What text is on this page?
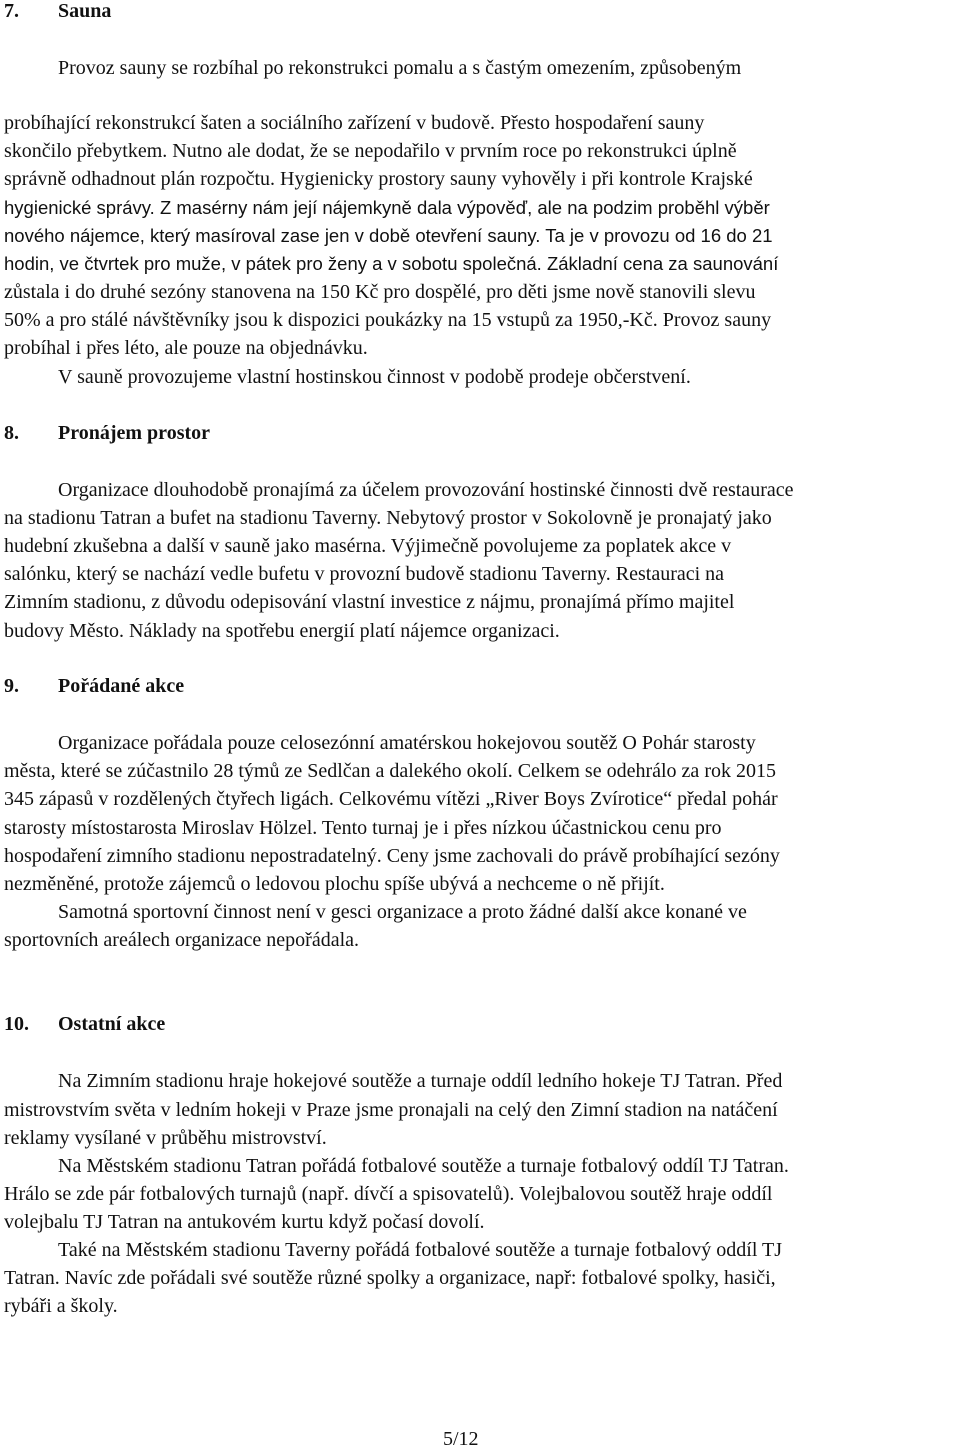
7. Sauna
Provoz sauny se rozbíhal po rekonstrukci pomalu a s častým omezením, způsobeným
probíhající rekonstrukcí šaten a sociálního zařízení v budově. Přesto hospodaření sauny
skončilo přebytkem. Nutno ale dodat, že se nepodařilo v prvním roce po rekonstrukci úplně
správně odhadnout plán rozpočtu. Hygienicky prostory sauny vyhověly i při kontrole Krajské
hygienické správy. Z masérny nám její nájemkyně dala výpověď, ale na podzim proběhl výběr
nového nájemce, který masíroval zase jen v době otevření sauny. Ta je v provozu od 16 do 21
hodin, ve čtvrtek pro muže, v pátek pro ženy a v sobotu společná. Základní cena za saunování
zůstala i do druhé sezóny stanovena na 150 Kč pro dospělé, pro děti jsme nově stanovili slevu
50% a pro stálé návštěvníky jsou k dispozici poukázky na 15 vstupů za 1950,-Kč. Provoz sauny
probíhal i přes léto, ale pouze na objednávku.
V sauně provozujeme vlastní hostinskou činnost v podobě prodeje občerstvení.
8. Pronájem prostor
Organizace dlouhodobě pronajímá za účelem provozování hostinské činnosti dvě restaurace
na stadionu Tatran a bufet na stadionu Taverny. Nebytový prostor v Sokolovně je pronajatý jako
hudební zkušebna a další v sauně jako masérna. Výjimečně povolujeme za poplatek akce v
salónku, který se nachází vedle bufetu v provozní budově stadionu Taverny. Restauraci na
Zimním stadionu, z důvodu odepisování vlastní investice z nájmu, pronajímá přímo majitel
budovy Město. Náklady na spotřebu energií platí nájemce organizaci.
9. Pořádané akce
Organizace pořádala pouze celosezónní amatérskou hokejovou soutěž O Pohár starosty
města, které se zúčastnilo 28 týmů ze Sedlčan a dalekého okolí. Celkem se odehrálo za rok 2015
345 zápasů v rozdělených čtyřech ligách. Celkovému vítězi „River Boys Zvírotice“ předal pohár
starosty místostarosta Miroslav Hölzel. Tento turnaj je i přes nízkou účastnickou cenu pro
hospodaření zimního stadionu nepostradatelný. Ceny jsme zachovali do právě probíhající sezóny
nezměněné, protože zájemců o ledovou plochu spíše ubývá a nechceme o ně přijít.
Samotná sportovní činnost není v gesci organizace a proto žádné další akce konané ve
sportovních areálech organizace nepořádala.
10. Ostatní akce
Na Zimním stadionu hraje hokejové soutěže a turnaje oddíl ledního hokeje TJ Tatran. Před
mistrovstvím světa v ledním hokeji v Praze jsme pronajali na celý den Zimní stadion na natáčení
reklamy vysílané v průběhu mistrovství.
Na Městském stadionu Tatran pořádá fotbalové soutěže a turnaje fotbalový oddíl TJ Tatran.
Hrálo se zde pár fotbalových turnajů (např. dívčí a spisovatelů). Volejbalovou soutěž hraje oddíl
volejbalu TJ Tatran na antukovém kurtu když počasí dovolí.
Také na Městském stadionu Taverny pořádá fotbalové soutěže a turnaje fotbalový oddíl TJ
Tatran. Navíc zde pořádali své soutěže různé spolky a organizace, např: fotbalové spolky, hasiči,
rybáři a školy.
5/12
